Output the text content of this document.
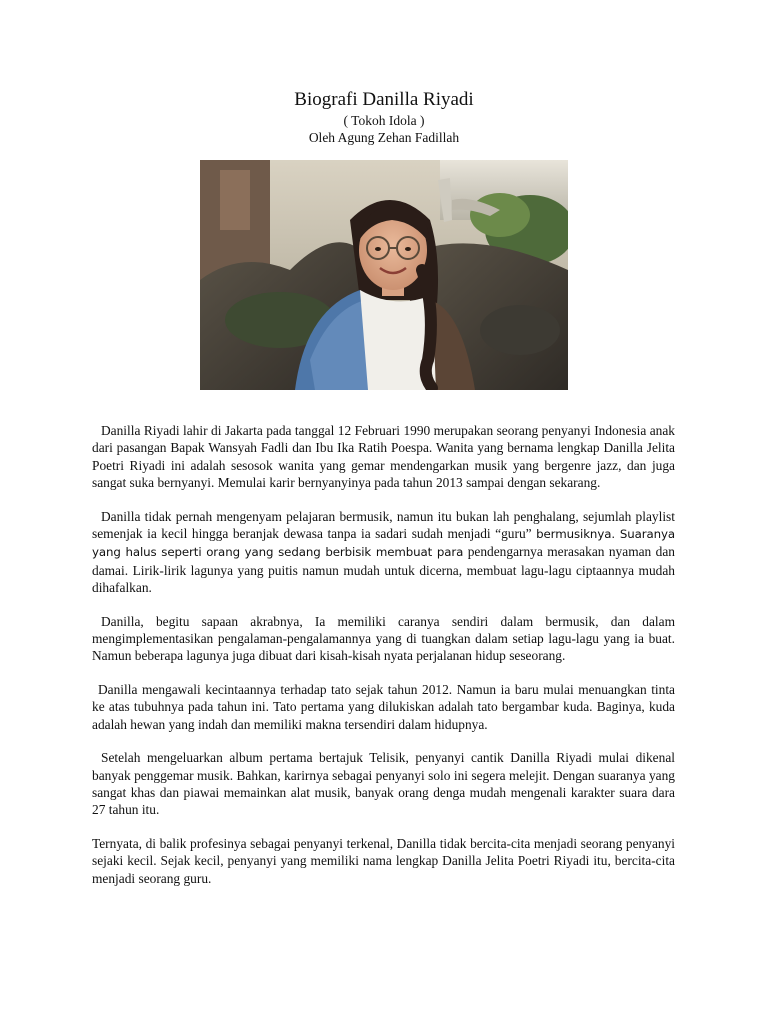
Biografi Danilla Riyadi

( Tokoh Idola )

Oleh Agung Zehan Fadillah

Danilla Riyadi lahir di Jakarta pada tanggal 12 Februari 1990 merupakan seorang penyanyi Indonesia anak dari pasangan Bapak Wansyah Fadli dan Ibu Ika Ratih Poespa. Wanita yang bernama lengkap Danilla Jelita Poetri Riyadi ini adalah sesosok wanita yang gemar mendengarkan musik yang bergenre jazz, dan juga sangat suka bernyanyi. Memulai karir bernyanyinya pada tahun 2013 sampai dengan sekarang.

Danilla tidak pernah mengenyam pelajaran bermusik, namun itu bukan lah penghalang, sejumlah playlist semenjak ia kecil hingga beranjak dewasa tanpa ia sadari sudah menjadi “guru” bermusiknya. Suaranya yang halus seperti orang yang sedang berbisik membuat para pendengarnya merasakan nyaman dan damai. Lirik-lirik lagunya yang puitis namun mudah untuk dicerna, membuat lagu-lagu ciptaannya mudah dihafalkan.

Danilla, begitu sapaan akrabnya, Ia memiliki caranya sendiri dalam bermusik, dan dalam mengimplementasikan pengalaman-pengalamannya yang di tuangkan dalam setiap lagu-lagu yang ia buat. Namun beberapa lagunya juga dibuat dari kisah-kisah nyata perjalanan hidup seseorang.

Danilla mengawali kecintaannya terhadap tato sejak tahun 2012. Namun ia baru mulai menuangkan tinta ke atas tubuhnya pada tahun ini. Tato pertama yang dilukiskan adalah tato bergambar kuda. Baginya, kuda adalah hewan yang indah dan memiliki makna tersendiri dalam hidupnya.

Setelah mengeluarkan album pertama bertajuk Telisik, penyanyi cantik Danilla Riyadi mulai dikenal banyak penggemar musik. Bahkan, karirnya sebagai penyanyi solo ini segera melejit. Dengan suaranya yang sangat khas dan piawai memainkan alat musik, banyak orang denga mudah mengenali karakter suara dara 27 tahun itu.

Ternyata, di balik profesinya sebagai penyanyi terkenal, Danilla tidak bercita-cita menjadi seorang penyanyi sejaki kecil. Sejak kecil, penyanyi yang memiliki nama lengkap Danilla Jelita Poetri Riyadi itu, bercita-cita menjadi seorang guru.
